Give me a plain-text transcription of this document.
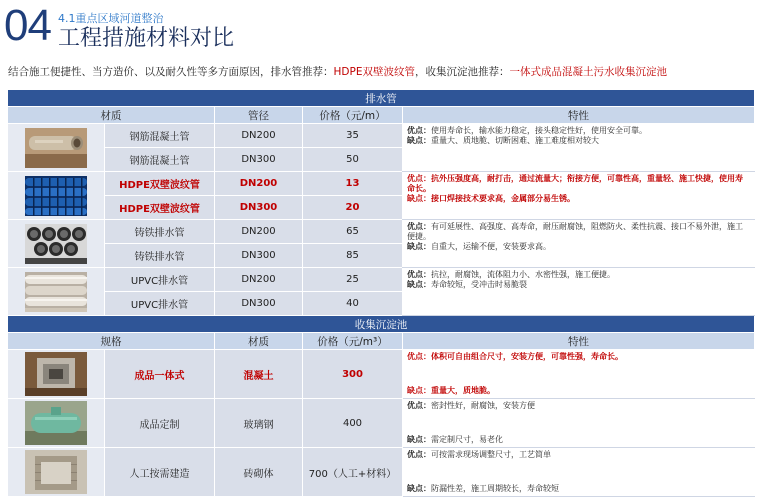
04 4.1重点区域河道整治
工程措施材料对比
结合施工便捷性、当方造价、以及耐久性等多方面原因，排水管推荐：HDPE双壁波纹管，收集沉淀池推荐：一体式成品混凝土污水收集沉淀池
排水管				
材质		管径	价格（元/m）	特性

	钢筋混凝土管	DN200	35	优点：使用寿命长，输水能力稳定，接头稳定性好，使用安全可靠。
缺点：重量大、质地脆、切断困难、施工难度相对较大

	钢筋混凝土管	DN300	50	

	HDPE双壁波纹管	DN200	13	优点：抗外压强度高，耐打击，通过流量大；衔接方便，可靠性高，重量轻、施工快捷，使用寿命长。
缺点：接口焊接技术要求高，金属部分易生锈。

	HDPE双壁波纹管	DN300	20	

	铸铁排水管	DN200	65	优点：有可延展性、高强度、高寿命，耐压耐腐蚀，阻燃防火、柔性抗震、接口不易外泄，施工便捷。
缺点：自重大，运输不便，安装要求高。

	铸铁排水管	DN300	85	

	UPVC排水管	DN200	25	优点：抗拉，耐腐蚀，流体阻力小、水密性强，施工便捷。
缺点：寿命较短，受冲击时易脆裂

	UPVC排水管	DN300	40	
收集沉淀池				
规格		材质	价格（元/m³）	特性

	成品一体式	混凝土	300	优点：体积可自由组合尺寸，安装方便，可靠性强，寿命长。
缺点：重量大，质地脆。

	成品定制	玻璃钢	400	优点：密封性好，耐腐蚀，安装方便
缺点：需定制尺寸，易老化

	人工按需建造	砖砌体	700（人工+材料）	优点：可按需求现场调整尺寸，工艺简单
缺点：防漏性差，施工周期较长，寿命较短
